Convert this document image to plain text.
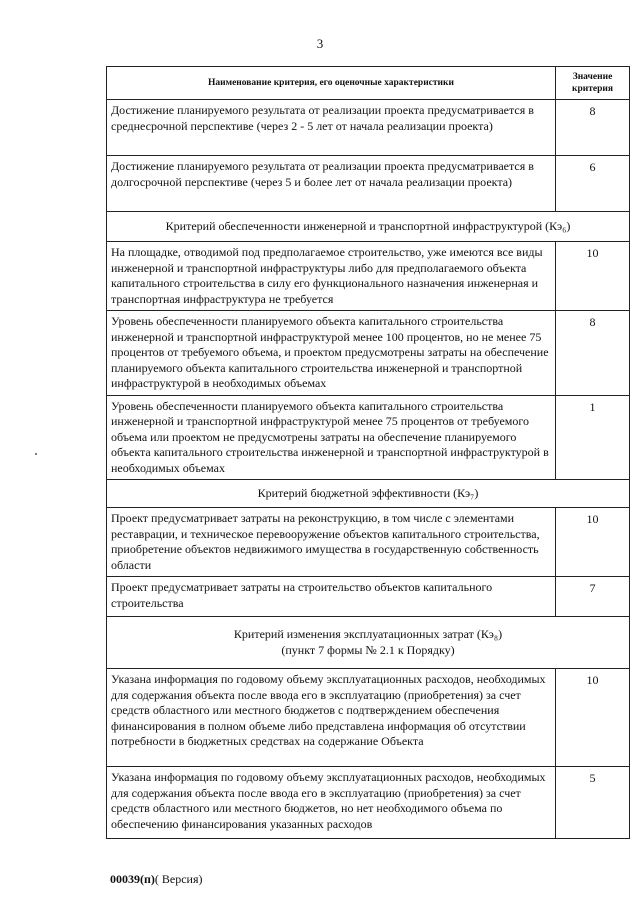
3
Наименование критерия, его оценочные характеристики	Значение критерия
Достижение планируемого результата от реализации проекта предусматривается в среднесрочной перспективе (через 2 - 5 лет от начала реализации проекта)	8
Достижение планируемого результата от реализации проекта предусматривается в долгосрочной перспективе (через 5 и более лет от начала реализации проекта)	6
Критерий обеспеченности инженерной и транспортной инфраструктурой (Кэ₆)	
На площадке, отводимой под предполагаемое строительство, уже имеются все виды инженерной и транспортной инфраструктуры либо для предполагаемого объекта капитального строительства в силу его функционального назначения инженерная и транспортная инфраструктура не требуется	10
Уровень обеспеченности планируемого объекта капитального строительства инженерной и транспортной инфраструктурой менее 100 процентов, но не менее 75 процентов от требуемого объема, и проектом предусмотрены затраты на обеспечение планируемого объекта капитального строительства инженерной и транспортной инфраструктурой в необходимых объемах	8
Уровень обеспеченности планируемого объекта капитального строительства инженерной и транспортной инфраструктурой менее 75 процентов от требуемого объема или проектом не предусмотрены затраты на обеспечение планируемого объекта капитального строительства инженерной и транспортной инфраструктурой в необходимых объемах	1
Критерий бюджетной эффективности (Кэ₇)	
Проект предусматривает затраты на реконструкцию, в том числе с элементами реставрации, и техническое перевооружение объектов капитального строительства, приобретение объектов недвижимого имущества в государственную собственность области	10
Проект предусматривает затраты на строительство объектов капитального строительства	7
Критерий изменения эксплуатационных затрат (Кэ₈)
(пункт 7 формы № 2.1 к Порядку)	

Указана информация по годовому объему эксплуатационных расходов, необходимых для содержания объекта после ввода его в эксплуатацию (приобретения) за счет средств областного или местного бюджетов с подтверждением обеспечения финансирования в полном объеме либо представлена информация об отсутствии потребности в бюджетных средствах на содержание Объекта	10
Указана информация по годовому объему эксплуатационных расходов, необходимых для содержания объекта после ввода его в эксплуатацию (приобретения) за счет средств областного или местного бюджетов, но нет необходимого объема по обеспечению финансирования указанных расходов	5
00039(п)( Версия)
